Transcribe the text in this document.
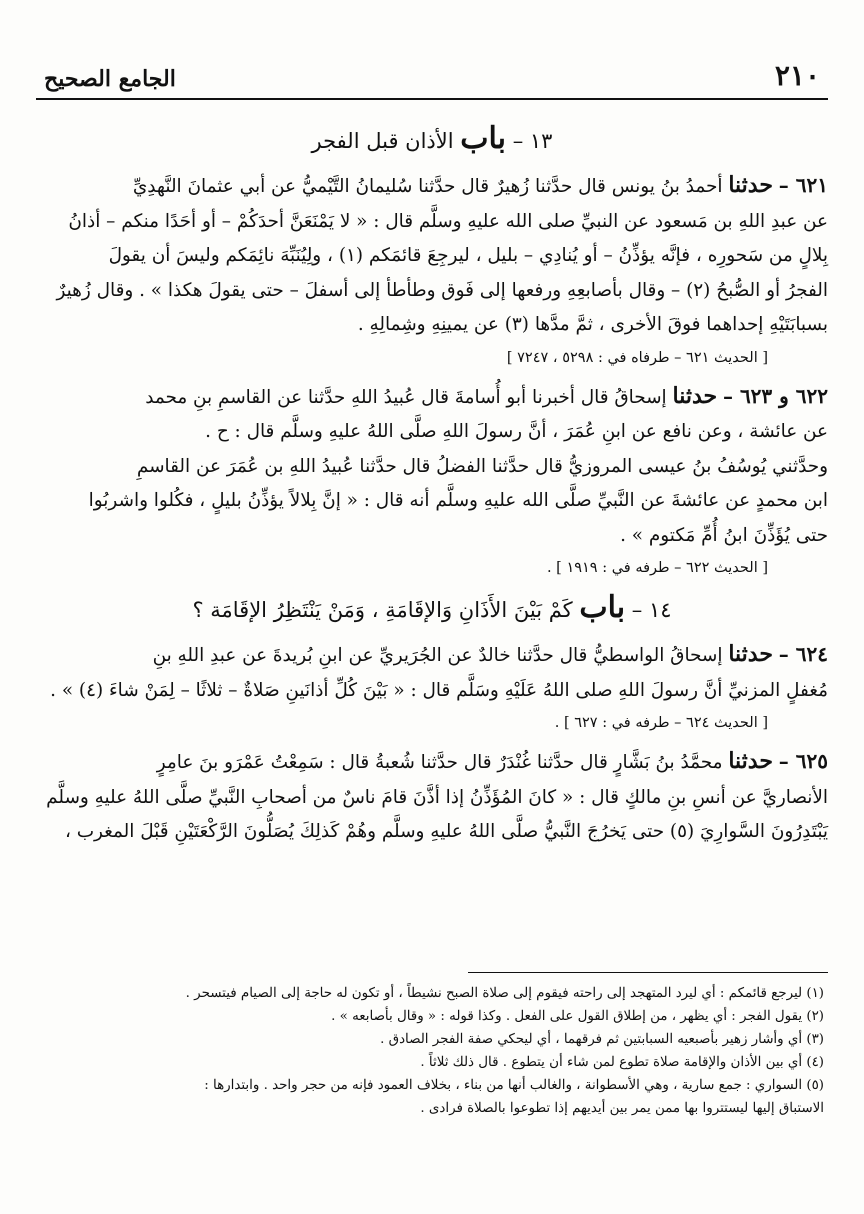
٢١٠
الجامع الصحيح
١٣ – باب الأذان قبل الفجر

٦٢١ – حدثنا أحمدُ بنُ يونس قال حدَّثنا زُهيرٌ قال حدَّثنا سُليمانُ التَّيْميُّ عن أبي عثمانَ النَّهدِيِّ
عن عبدِ اللهِ بن مَسعود عن النبيِّ صلى الله عليهِ وسلَّم قال : « لا يَمْنَعَنَّ أحدَكُمْ – أو أحَدًا منكم – أذانُ
بِلالٍ من سَحورِه ، فإنَّه يؤذِّنُ – أو يُنادِي – بليل ، ليرجِعَ قائمَكم (١) ، ولِيُنَبِّهَ نائِمَكم وليسَ أن يقولَ
الفجرُ أو الصُّبحُ (٢) – وقال بأصابعِهِ ورفعها إلى فَوق وطأطأ إلى أسفلَ – حتى يقولَ هكذا » . وقال زُهيرٌ
بسبابَتَيْهِ إحداهما فوقَ الأخرى ، ثمَّ مدَّها (٣) عن يمينِهِ وشِمالِهِ .

[ الحديث ٦٢١ – طرفاه في : ٥٢٩٨ ، ٧٢٤٧ ]

٦٢٢ و ٦٢٣ – حدثنا إسحاقُ قال أخبرنا أبو أُسامةَ قال عُبيدُ اللهِ حدَّثنا عن القاسمِ بنِ محمد
عن عائشة ، وعن نافع عن ابنِ عُمَرَ ، أنَّ رسولَ اللهِ صلَّى اللهُ عليهِ وسلَّم قال : ح .
وحدَّثني يُوسُفُ بنُ عيسى المروزيُّ قال حدَّثنا الفضلُ قال حدَّثنا عُبيدُ اللهِ بن عُمَرَ عن القاسمِ
ابن محمدٍ عن عائشةَ عن النَّبيِّ صلَّى الله عليهِ وسلَّم أنه قال : « إنَّ بِلالاً يؤذِّنُ بليلٍ ، فكُلوا واشربُوا
حتى يُؤَذِّنَ ابنُ أُمِّ مَكتوم » .

[ الحديث ٦٢٢ – طرفه في : ١٩١٩ ] .
١٤ – باب كَمْ بَيْنَ الأَذَانِ وَالإقَامَةِ ، وَمَنْ يَنْتَظِرُ الإقَامَة ؟

٦٢٤ – حدثنا إسحاقُ الواسطيُّ قال حدَّثنا خالدٌ عن الجُرَيريِّ عن ابنِ بُريدةَ عن عبدِ اللهِ بنِ
مُغفلٍ المزنيِّ أنَّ رسولَ اللهِ صلى اللهُ عَلَيْهِ وسَلَّم قال : « بَيْنَ كُلِّ أذانَينِ صَلاةٌ – ثلاثًا – لِمَنْ شاءَ (٤) » .

[ الحديث ٦٢٤ – طرفه في : ٦٢٧ ] .

٦٢٥ – حدثنا محمَّدُ بنُ بَشَّارٍ قال حدَّثنا غُنْدَرٌ قال حدَّثنا شُعبةُ قال : سَمِعْتُ عَمْرَو بنَ عامِرٍ
الأنصاريَّ عن أنسِ بنِ مالكٍ قال : « كانَ المُؤَذِّنُ إذا أذَّنَ قامَ ناسٌ من أصحابِ النَّبيِّ صلَّى اللهُ عليهِ وسلَّم
يَبْتَدِرُونَ السَّوارِيَ (٥) حتى يَخرُجَ النَّبيُّ صلَّى اللهُ عليهِ وسلَّم وهُمْ كَذلِكَ يُصَلُّونَ الرَّكْعَتَيْنِ قَبْلَ المغرب ،

(١) ليرجع قائمكم : أي ليرد المتهجد إلى راحته فيقوم إلى صلاة الصبح نشيطاً ، أو تكون له حاجة إلى الصيام فيتسحر .
(٢) يقول الفجر : أي يظهر ، من إطلاق القول على الفعل . وكذا قوله : « وقال بأصابعه » .
(٣) أي وأشار زهير بأصبعيه السبابتين ثم فرقهما ، أي ليحكي صفة الفجر الصادق .
(٤) أي بين الأذان والإقامة صلاة تطوع لمن شاء أن يتطوع . قال ذلك ثلاثاً .
(٥) السواري : جمع سارية ، وهي الأسطوانة ، والغالب أنها من بناء ، بخلاف العمود فإنه من حجر واحد . وابتدارها :
الاستباق إليها ليستتروا بها ممن يمر بين أيديهم إذا تطوعوا بالصلاة فرادى .
